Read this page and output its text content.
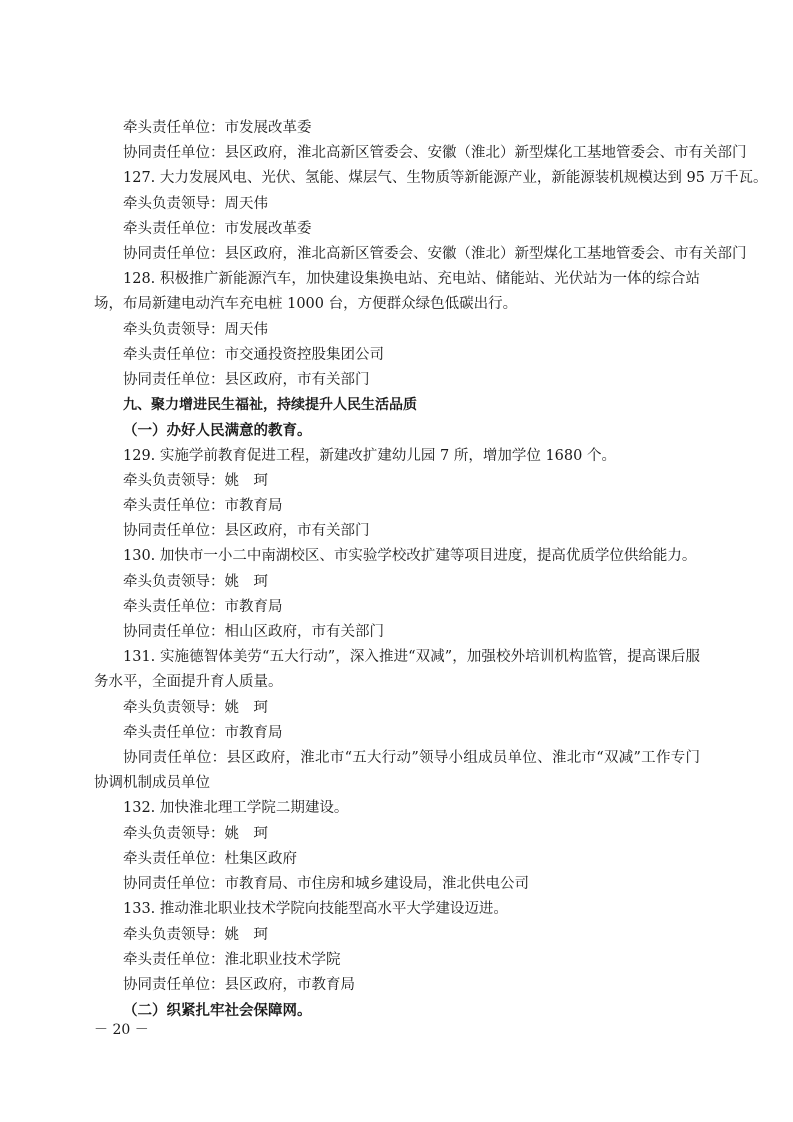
牵头责任单位：市发展改革委
协同责任单位：县区政府，淮北高新区管委会、安徽（淮北）新型煤化工基地管委会、市有关部门
127. 大力发展风电、光伏、氢能、煤层气、生物质等新能源产业，新能源装机规模达到 95 万千瓦。
牵头负责领导：周天伟
牵头责任单位：市发展改革委
协同责任单位：县区政府，淮北高新区管委会、安徽（淮北）新型煤化工基地管委会、市有关部门
128. 积极推广新能源汽车，加快建设集换电站、充电站、储能站、光伏站为一体的综合站场，布局新建电动汽车充电桩 1000 台，方便群众绿色低碳出行。
牵头负责领导：周天伟
牵头责任单位：市交通投资控股集团公司
协同责任单位：县区政府，市有关部门
九、聚力增进民生福祉，持续提升人民生活品质
（一）办好人民满意的教育。
129. 实施学前教育促进工程，新建改扩建幼儿园 7 所，增加学位 1680 个。
牵头负责领导：姚　珂
牵头责任单位：市教育局
协同责任单位：县区政府，市有关部门
130. 加快市一小二中南湖校区、市实验学校改扩建等项目进度，提高优质学位供给能力。
牵头负责领导：姚　珂
牵头责任单位：市教育局
协同责任单位：相山区政府，市有关部门
131. 实施德智体美劳“五大行动”，深入推进“双减”，加强校外培训机构监管，提高课后服务水平，全面提升育人质量。
牵头负责领导：姚　珂
牵头责任单位：市教育局
协同责任单位：县区政府，淮北市“五大行动”领导小组成员单位、淮北市“双减”工作专门协调机制成员单位
132. 加快淮北理工学院二期建设。
牵头负责领导：姚　珂
牵头责任单位：杜集区政府
协同责任单位：市教育局、市住房和城乡建设局，淮北供电公司
133. 推动淮北职业技术学院向技能型高水平大学建设迈进。
牵头负责领导：姚　珂
牵头责任单位：淮北职业技术学院
协同责任单位：县区政府，市教育局
（二）织紧扎牢社会保障网。
－ 20 －
